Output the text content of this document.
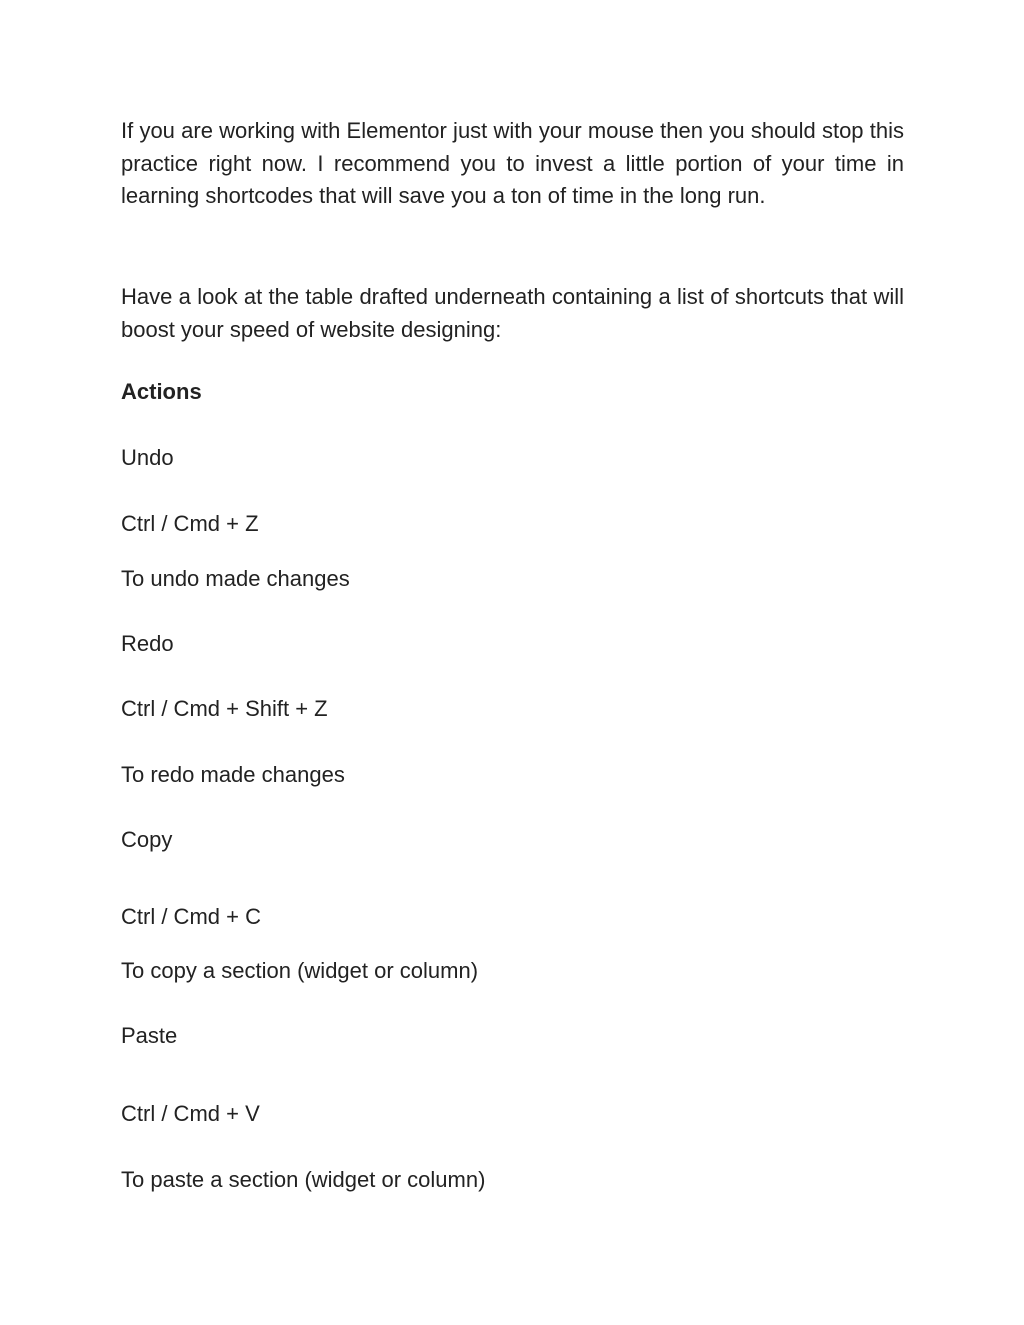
If you are working with Elementor just with your mouse then you should stop this practice right now. I recommend you to invest a little portion of your time in learning shortcodes that will save you a ton of time in the long run.

Have a look at the table drafted underneath containing a list of shortcuts that will boost your speed of website designing:

Actions
Undo
Ctrl / Cmd + Z
To undo made changes
Redo
Ctrl / Cmd + Shift + Z
To redo made changes
Copy
Ctrl / Cmd + C
To copy a section (widget or column)
Paste
Ctrl / Cmd + V
To paste a section (widget or column)
